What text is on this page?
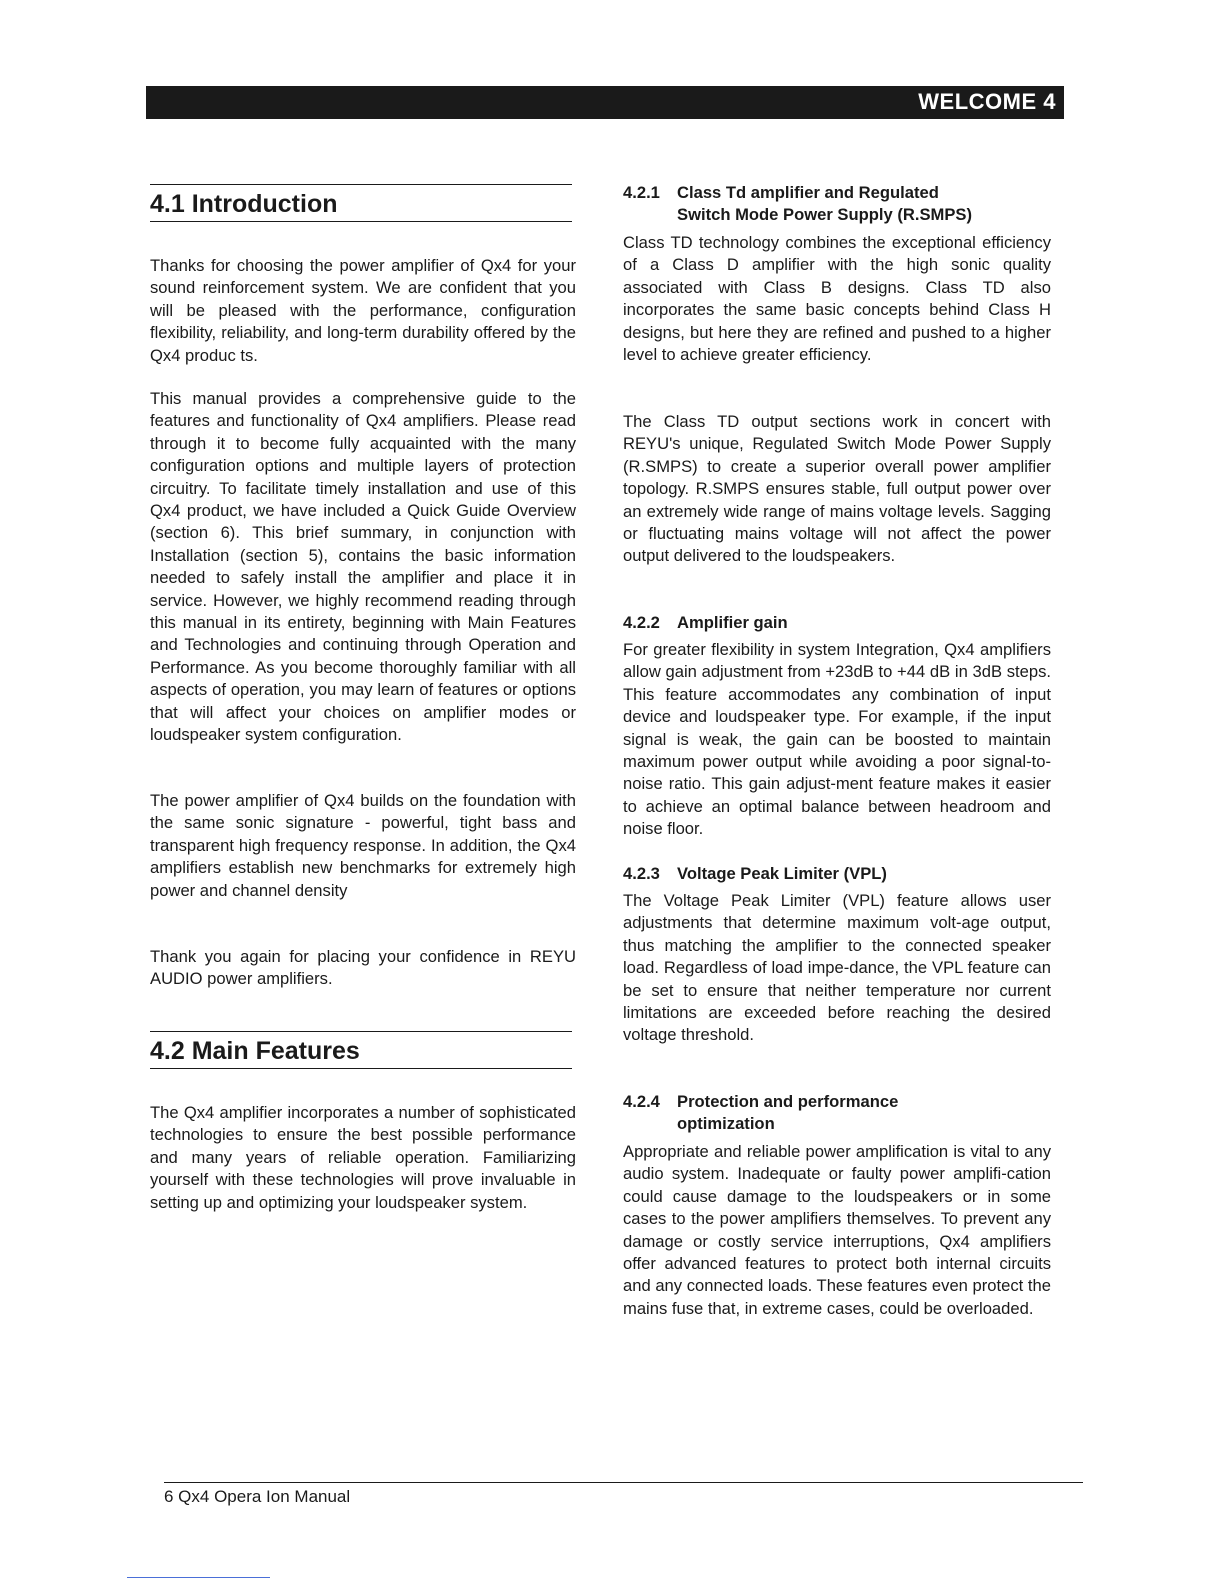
WELCOME 4
4.1 Introduction

Thanks for choosing the power amplifier of Qx4 for your sound reinforcement system. We are confident that you will be pleased with the performance, configuration flexibility, reliability, and long-term durability offered by the Qx4 produc ts.

This manual provides a comprehensive guide to the features and functionality of Qx4 amplifiers. Please read through it to become fully acquainted with the many configuration options and multiple layers of protection circuitry. To facilitate timely installation and use of this Qx4 product, we have included a Quick Guide Overview (section 6). This brief summary, in conjunction with Installation (section 5), contains the basic information needed to safely install the amplifier and place it in service. However, we highly recommend reading through this manual in its entirety, beginning with Main Features and Technologies and continuing through Operation and Performance. As you become thoroughly familiar with all aspects of operation, you may learn of features or options that will affect your choices on amplifier modes or loudspeaker system configuration.

The power amplifier of Qx4 builds on the foundation with the same sonic signature - powerful, tight bass and transparent high frequency response. In addition, the Qx4 amplifiers establish new benchmarks for extremely high power and channel density

Thank you again for placing your confidence in REYU AUDIO power amplifiers.

4.2 Main Features

The Qx4 amplifier incorporates a number of sophisticated technologies to ensure the best possible performance and many years of reliable operation. Familiarizing yourself with these technologies will prove invaluable in setting up and optimizing your loudspeaker system.

4.2.1 Class Td amplifier and Regulated
Switch Mode Power Supply (R.SMPS)

Class TD technology combines the exceptional efficiency of a Class D amplifier with the high sonic quality associated with Class B designs. Class TD also incorporates the same basic concepts behind Class H designs, but here they are refined and pushed to a higher level to achieve greater efficiency.

The Class TD output sections work in concert with REYU's unique, Regulated Switch Mode Power Supply (R.SMPS) to create a superior overall power amplifier topology. R.SMPS ensures stable, full output power over an extremely wide range of mains voltage levels. Sagging or fluctuating mains voltage will not affect the power output delivered to the loudspeakers.

4.2.2 Amplifier gain

For greater flexibility in system Integration, Qx4 amplifiers allow gain adjustment from +23dB to +44 dB in 3dB steps. This feature accommodates any combination of input device and loudspeaker type. For example, if the input signal is weak, the gain can be boosted to maintain maximum power output while avoiding a poor signal-to-noise ratio. This gain adjust-ment feature makes it easier to achieve an optimal balance between headroom and noise floor.

4.2.3 Voltage Peak Limiter (VPL)

The Voltage Peak Limiter (VPL) feature allows user adjustments that determine maximum volt-age output, thus matching the amplifier to the connected speaker load. Regardless of load impe-dance, the VPL feature can be set to ensure that neither temperature nor current limitations are exceeded before reaching the desired voltage threshold.

4.2.4 Protection and performance
optimization

Appropriate and reliable power amplification is vital to any audio system. Inadequate or faulty power amplifi-cation could cause damage to the loudspeakers or in some cases to the power amplifiers themselves. To prevent any damage or costly service interruptions, Qx4 amplifiers offer advanced features to protect both internal circuits and any connected loads. These features even protect the mains fuse that, in extreme cases, could be overloaded.

6 Qx4 Opera Ion Manual
